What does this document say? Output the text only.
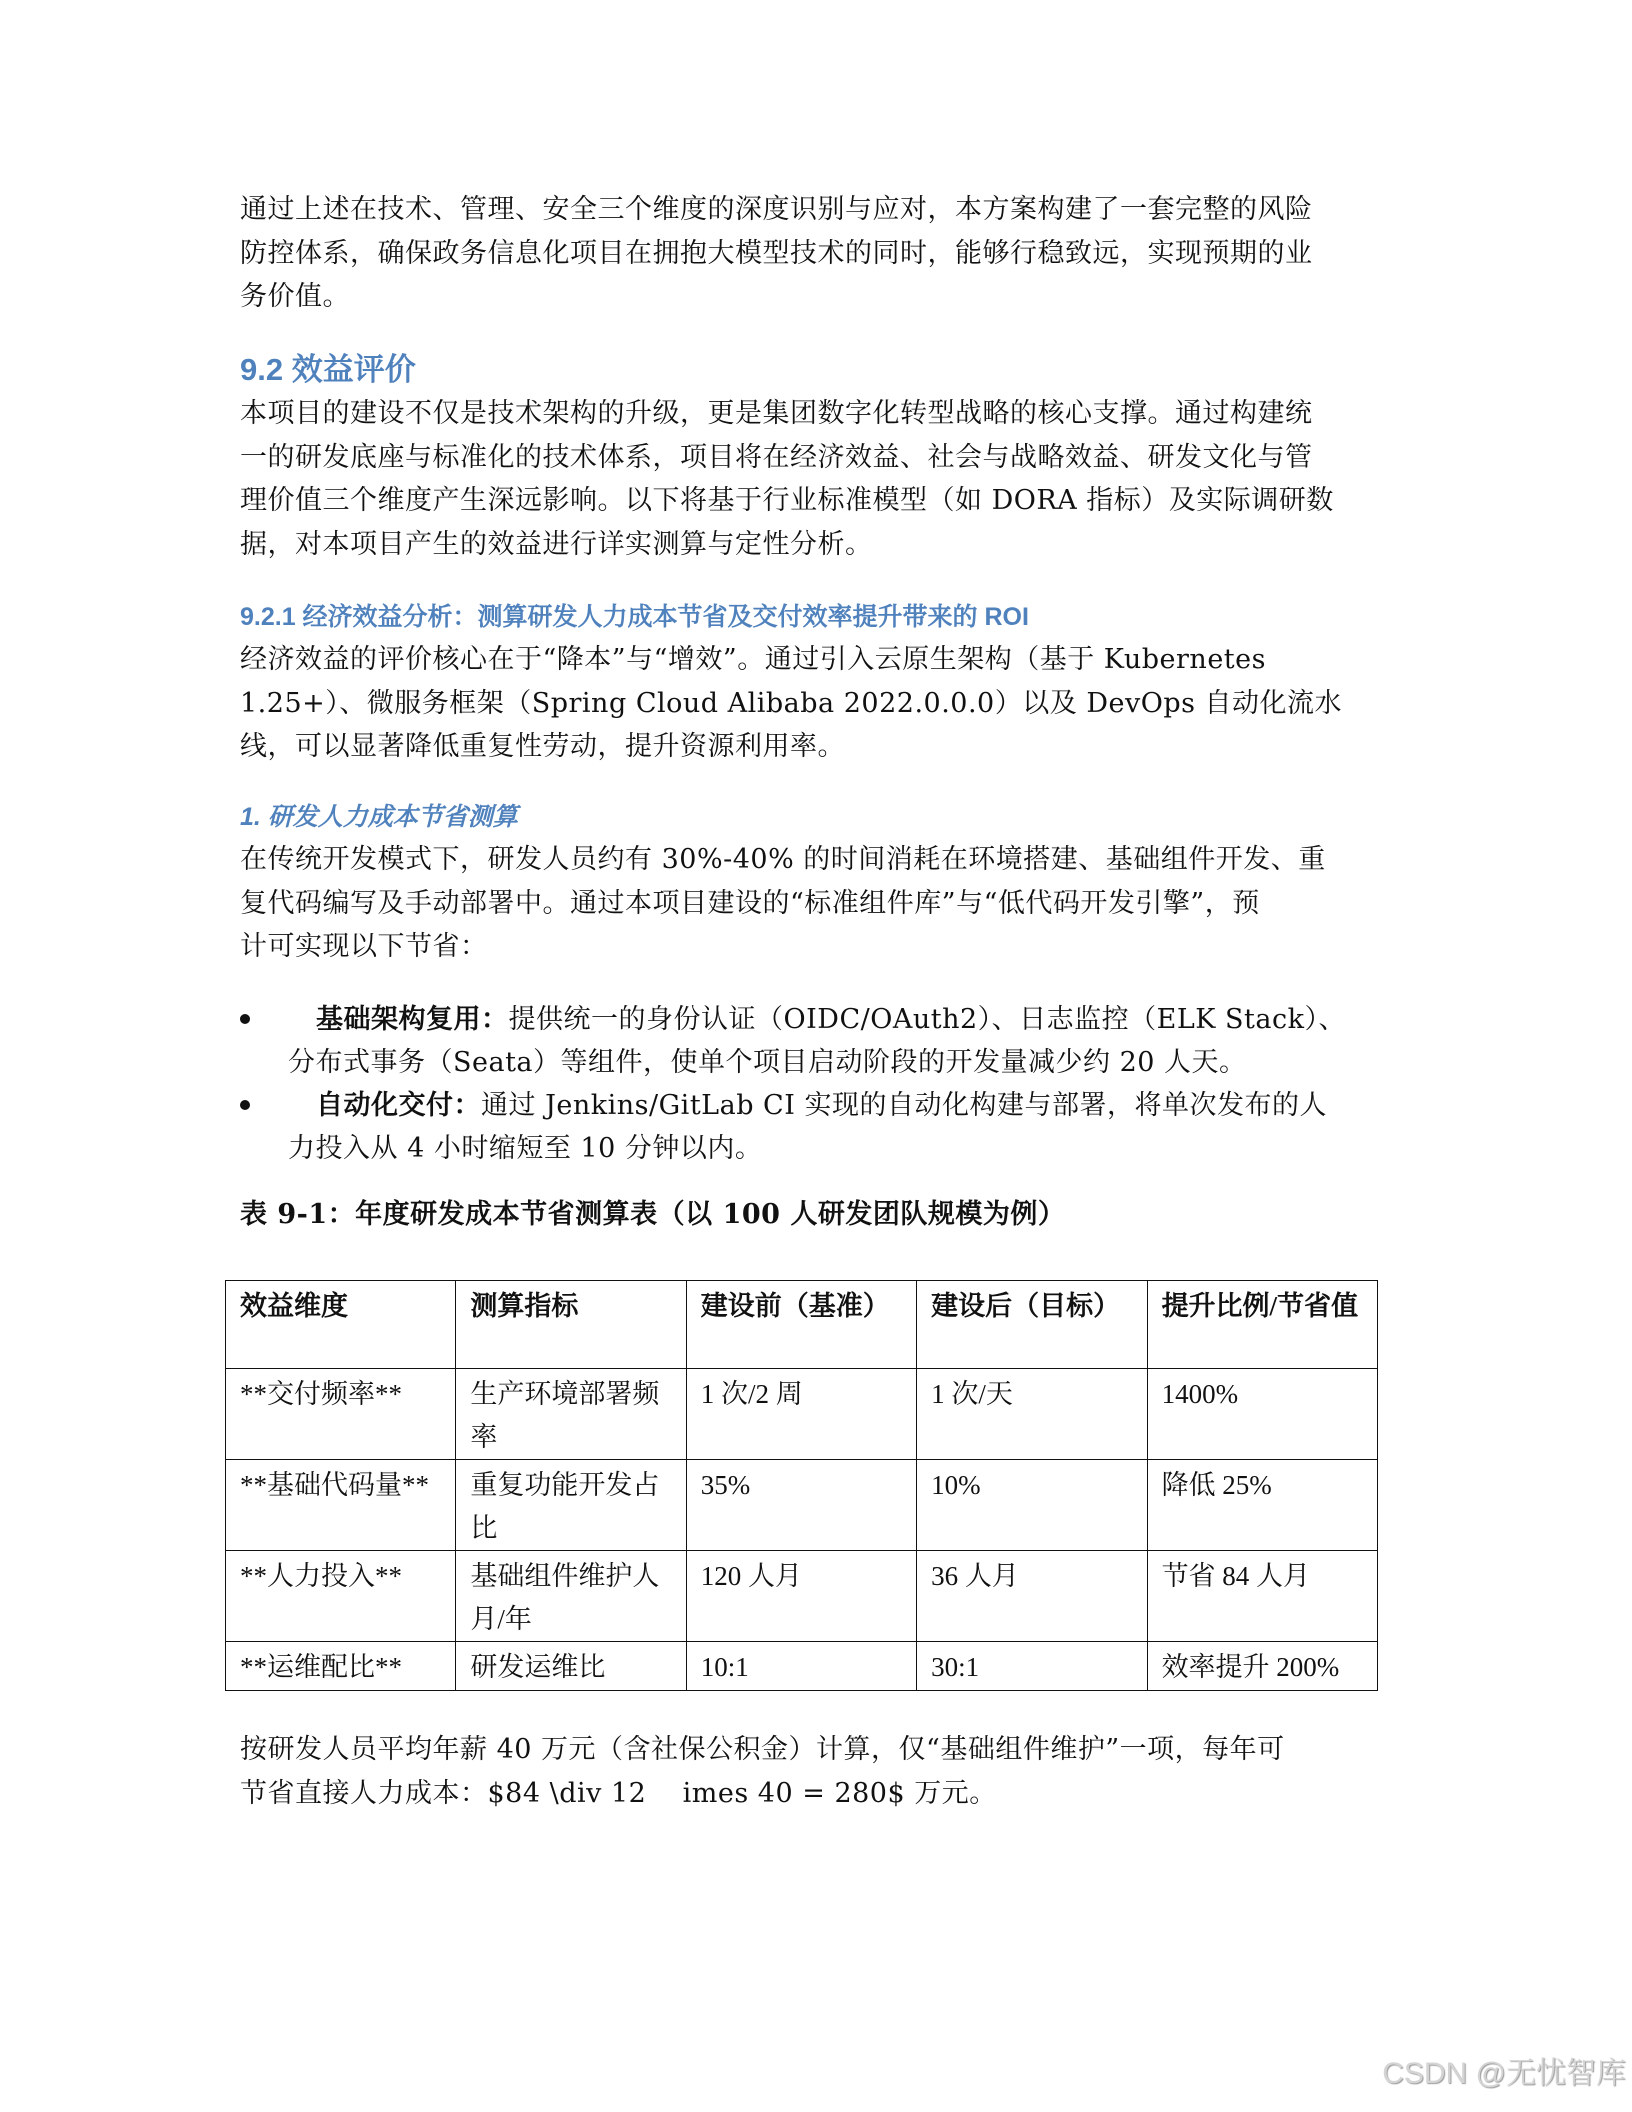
通过上述在技术、管理、安全三个维度的深度识别与应对，本方案构建了一套完整的风险
防控体系，确保政务信息化项目在拥抱大模型技术的同时，能够行稳致远，实现预期的业
务价值。
9.2 效益评价
本项目的建设不仅是技术架构的升级，更是集团数字化转型战略的核心支撑。通过构建统
一的研发底座与标准化的技术体系，项目将在经济效益、社会与战略效益、研发文化与管
理价值三个维度产生深远影响。以下将基于行业标准模型（如 DORA 指标）及实际调研数
据，对本项目产生的效益进行详实测算与定性分析。
9.2.1 经济效益分析：测算研发人力成本节省及交付效率提升带来的 ROI
经济效益的评价核心在于“降本”与“增效”。通过引入云原生架构（基于 Kubernetes
1.25+）、微服务框架（Spring Cloud Alibaba 2022.0.0.0）以及 DevOps 自动化流水
线，可以显著降低重复性劳动，提升资源利用率。
1. 研发人力成本节省测算
在传统开发模式下，研发人员约有 30%-40% 的时间消耗在环境搭建、基础组件开发、重
复代码编写及手动部署中。通过本项目建设的“标准组件库”与“低代码开发引擎”，预
计可实现以下节省：
基础架构复用：提供统一的身份认证（OIDC/OAuth2）、日志监控（ELK Stack）、
分布式事务（Seata）等组件，使单个项目启动阶段的开发量减少约 20 人天。
自动化交付：通过 Jenkins/GitLab CI 实现的自动化构建与部署，将单次发布的人
力投入从 4 小时缩短至 10 分钟以内。
表 9-1：年度研发成本节省测算表（以 100 人研发团队规模为例）
效益维度	测算指标	建设前（基准）	建设后（目标）	提升比例/节省值
**交付频率**	生产环境部署频率	1 次/2 周	1 次/天	1400%
**基础代码量**	重复功能开发占比	35%	10%	降低 25%
**人力投入**	基础组件维护人月/年	120 人月	36 人月	节省 84 人月
**运维配比**	研发运维比	10:1	30:1	效率提升 200%
按研发人员平均年薪 40 万元（含社保公积金）计算，仅“基础组件维护”一项，每年可
节省直接人力成本：$84 \div 12    imes 40 = 280$ 万元。
CSDN @无忧智库
